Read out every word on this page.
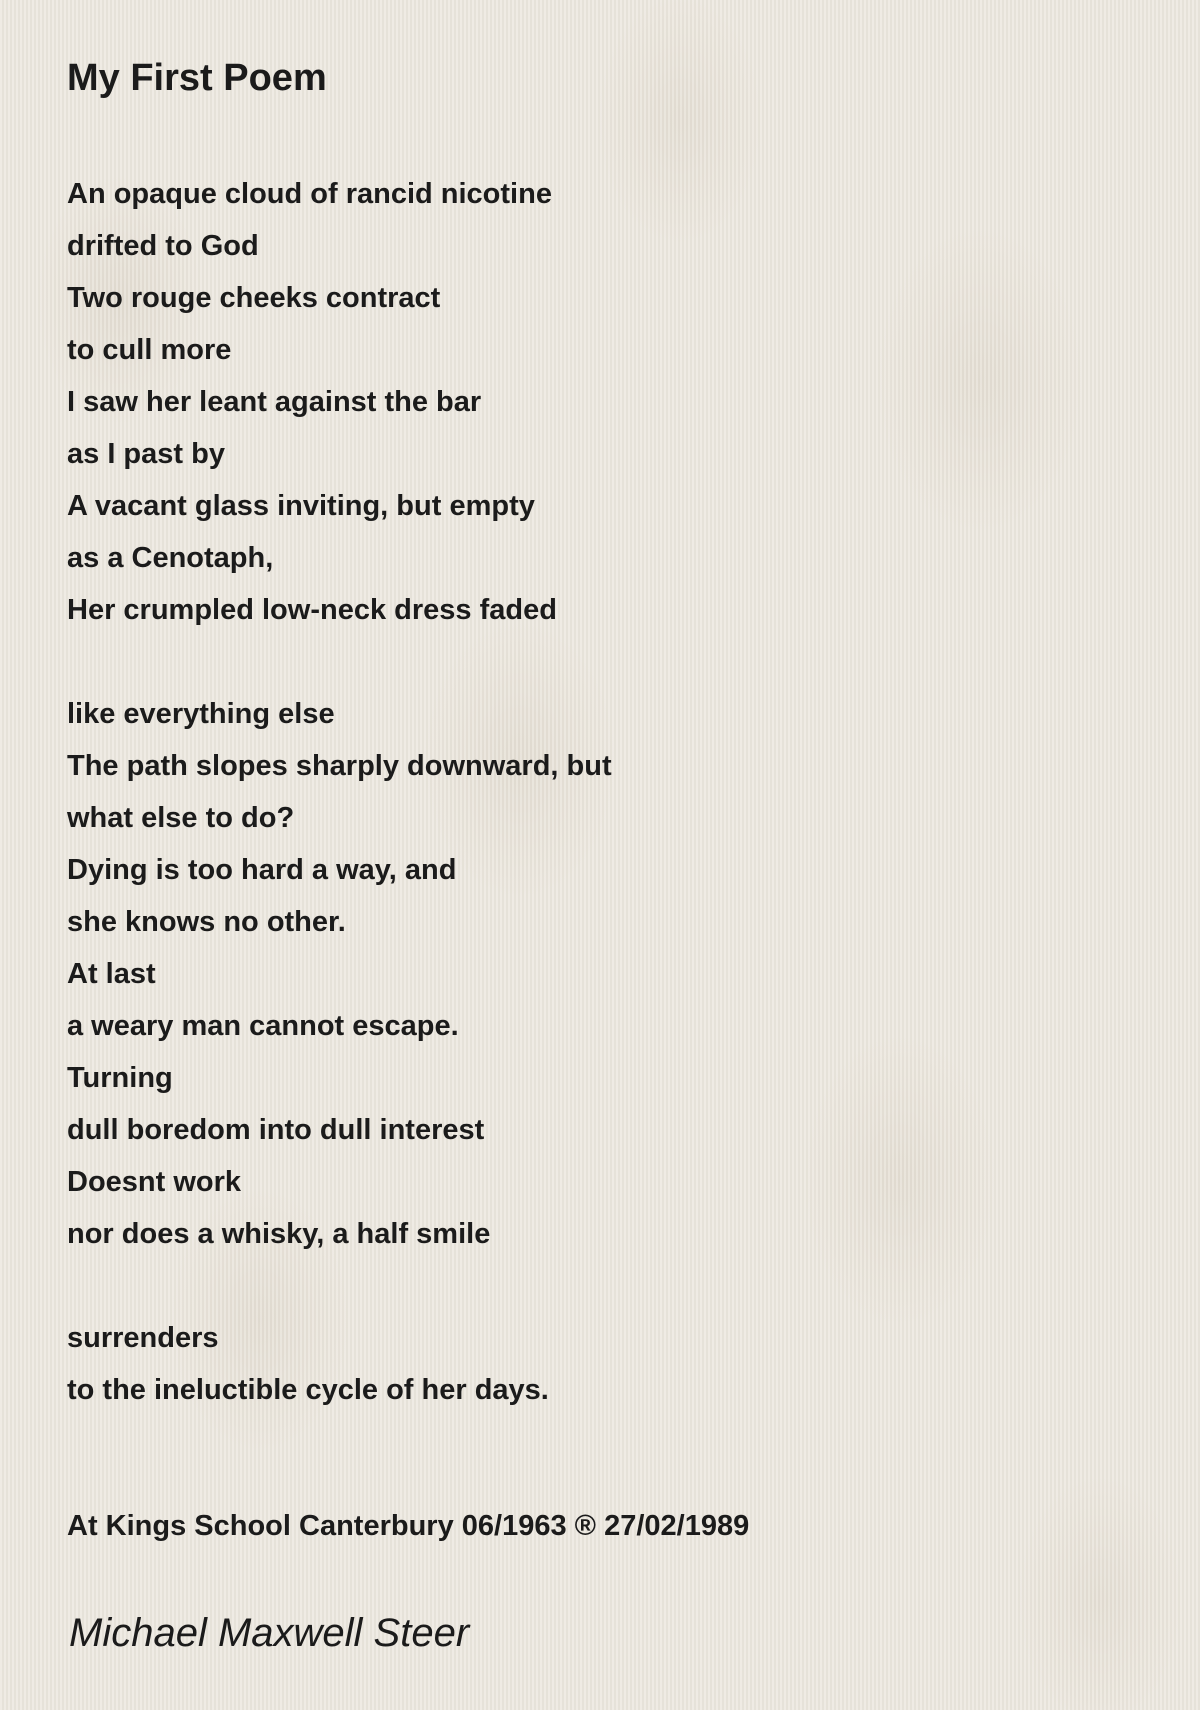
My First Poem
An opaque cloud of rancid nicotine
drifted to God
Two rouge cheeks contract
to cull more
I saw her leant against the bar
as I past by
A vacant glass inviting, but empty
as a Cenotaph,
Her crumpled low-neck dress faded
like everything else
The path slopes sharply downward, but
what else to do?
Dying is too hard a way, and
she knows no other.
At last
a weary man cannot escape.
Turning
dull boredom into dull interest
Doesnt work
nor does a whisky, a half smile
surrenders
to the ineluctible cycle of her days.
At Kings School Canterbury 06/1963 ® 27/02/1989
Michael Maxwell Steer
